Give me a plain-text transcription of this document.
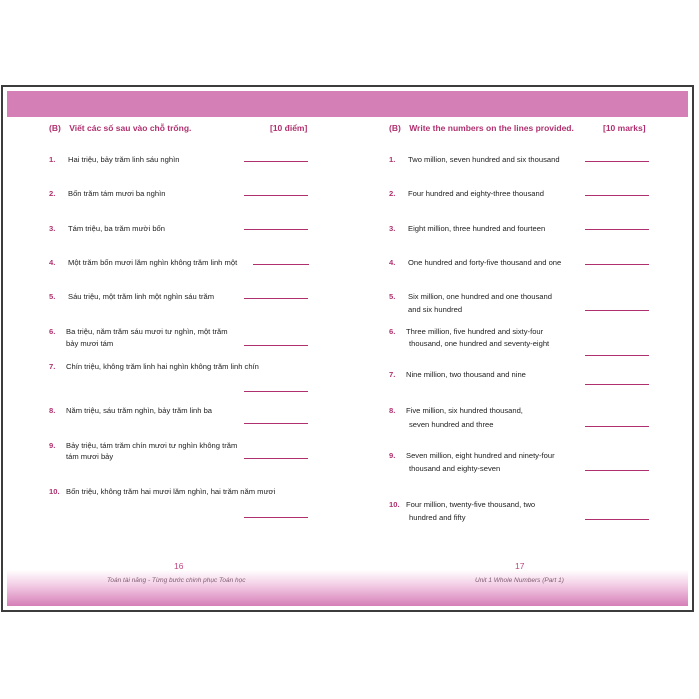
(B) Viết các số sau vào chỗ trống.	[10 điểm]
1. Hai triệu, bảy trăm linh sáu nghìn
2. Bốn trăm tám mươi ba nghìn
3. Tám triệu, ba trăm mười bốn
4. Một trăm bốn mươi lăm nghìn không trăm linh một
5. Sáu triệu, một trăm linh một nghìn sáu trăm
6. Ba triệu, năm trăm sáu mươi tư nghìn, một trăm
bảy mươi tám
7. Chín triệu, không trăm linh hai nghìn không trăm linh chín
8. Năm triệu, sáu trăm nghìn, bảy trăm linh ba
9. Bảy triệu, tám trăm chín mươi tư nghìn không trăm
tám mươi bảy
10. Bốn triệu, không trăm hai mươi lăm nghìn, hai trăm năm mươi
16
Toán tài năng - Từng bước chinh phục Toán học
(B) Write the numbers on the lines provided.	[10 marks]
1. Two million, seven hundred and six thousand
2. Four hundred and eighty-three thousand
3. Eight million, three hundred and fourteen
4. One hundred and forty-five thousand and one
5. Six million, one hundred and one thousand
and six hundred
6. Three million, five hundred and sixty-four
thousand, one hundred and seventy-eight
7. Nine million, two thousand and nine
8. Five million, six hundred thousand,
seven hundred and three
9. Seven million, eight hundred and ninety-four
thousand and eighty-seven
10. Four million, twenty-five thousand, two
hundred and fifty
17
Unit 1 Whole Numbers (Part 1)
